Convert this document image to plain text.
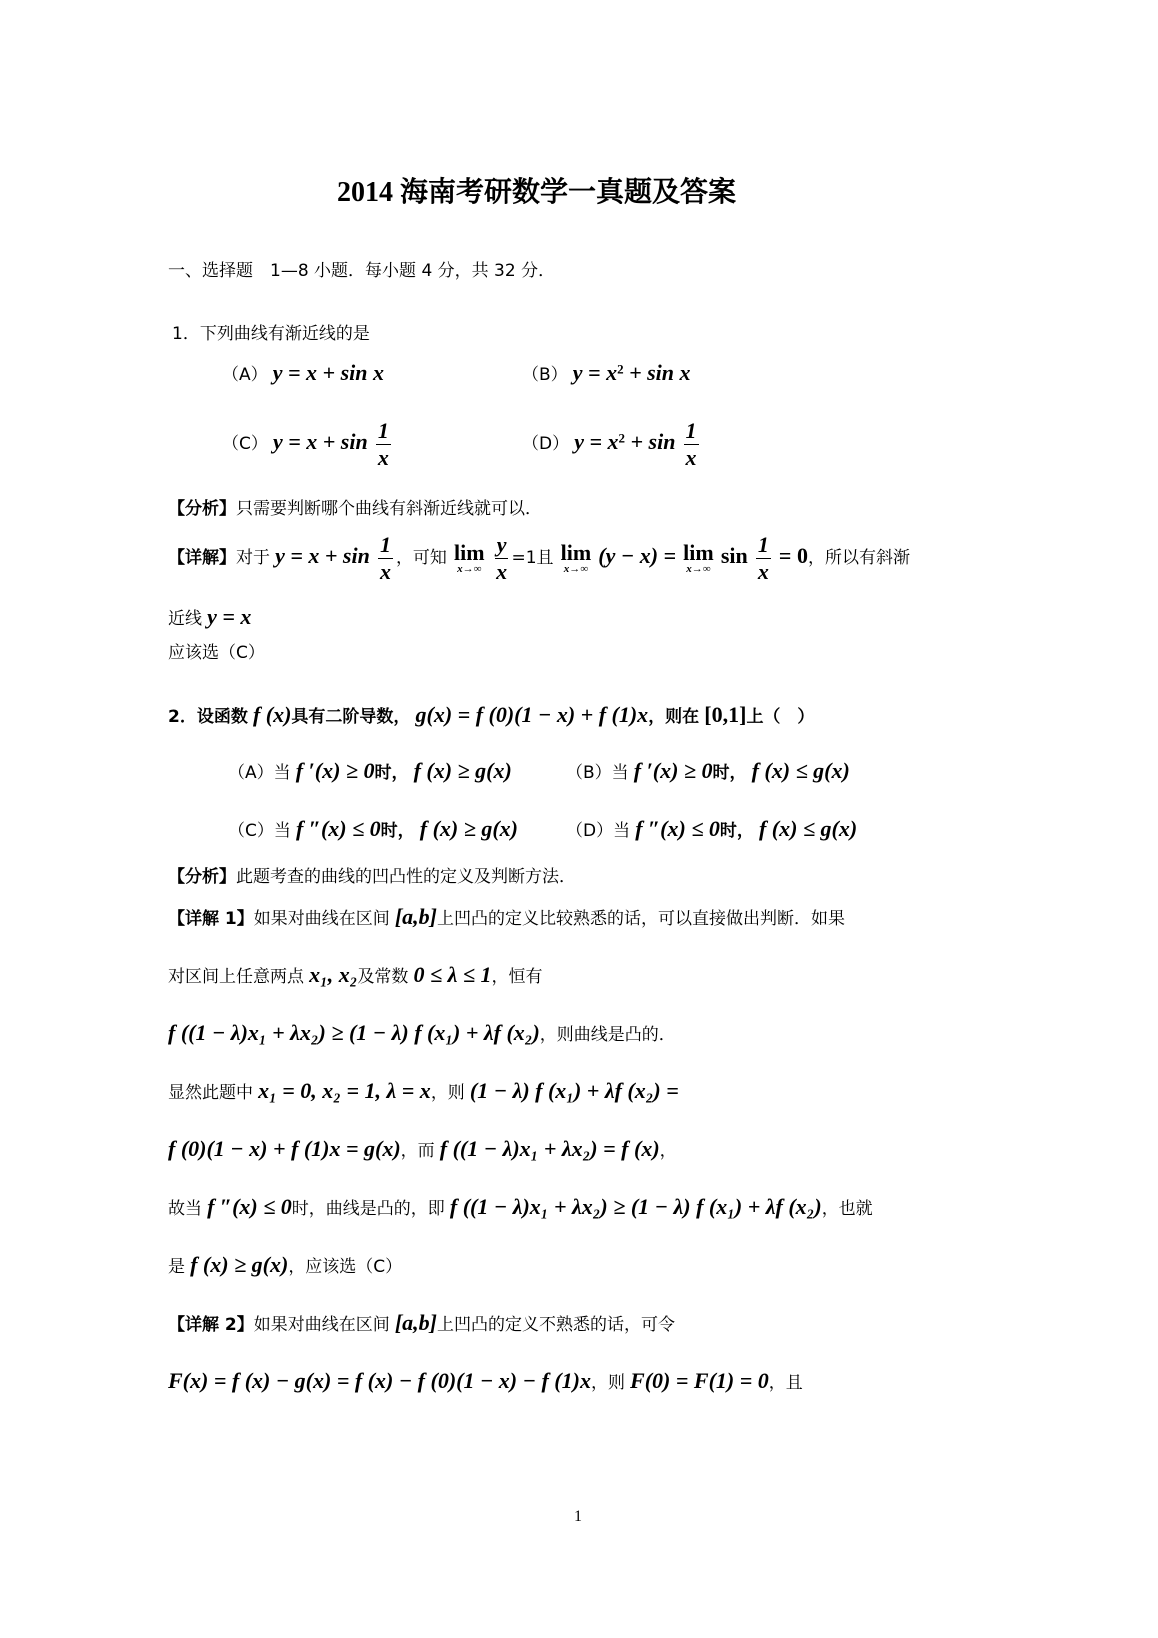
2014 海南考研数学一真题及答案
一、选择题　1—8 小题．每小题 4 分，共 32 分．
1．下列曲线有渐近线的是
（A） y = x + sin x	（B） $y = x^2 + \sin x$
（C） $y = x + \sin \frac{1}{x}$	（D） $y = x^2 + \sin \frac{1}{x}$
【分析】只需要判断哪个曲线有斜渐近线就可以．
【详解】对于 $y = x + \sin \frac{1}{x}$ ，可知 lim
x→∞
$\frac{y}{x} =1$且 lim
x→∞
(y − x) = lim
x→∞
$\sin \frac{1}{x} = 0$，所以有斜渐
近线 y = x
应该选（C）
2．设函数 f (x)具有二阶导数， g(x) = f (0)(1 − x) + f (1)x，则在 [0,1]上（　）
（A）当 f ′(x) ≥ 0时， f (x) ≥ g(x)	（B）当 f ′(x) ≥ 0时， f (x) ≤ g(x)
（C）当 f ″(x) ≤ 0时， f (x) ≥ g(x)	（D）当 f ″(x) ≤ 0时， f (x) ≤ g(x)
【分析】此题考查的曲线的凹凸性的定义及判断方法．
【详解 1】如果对曲线在区间 [a,b]上凹凸的定义比较熟悉的话，可以直接做出判断．如果
对区间上任意两点 x₁, x₂及常数 0 ≤ λ ≤ 1，恒有
f ((1 − λ)x₁ + λx₂) ≥ (1 − λ) f (x₁) + λf (x₂)，则曲线是凸的．
显然此题中 x₁ = 0, x₂ = 1, λ = x，则 (1 − λ) f (x₁) + λf (x₂) =
f (0)(1 − x) + f (1)x = g(x)，而 f ((1 − λ)x₁ + λx₂) = f (x)，
故当 f ″(x) ≤ 0时，曲线是凸的，即 f ((1 − λ)x₁ + λx₂) ≥ (1 − λ) f (x₁) + λf (x₂)，也就
是 f (x) ≥ g(x)，应该选（C）
【详解 2】如果对曲线在区间 [a,b]上凹凸的定义不熟悉的话，可令
F(x) = f (x) − g(x) = f (x) − f (0)(1 − x) − f (1)x，则 F(0) = F(1) = 0，且
1
